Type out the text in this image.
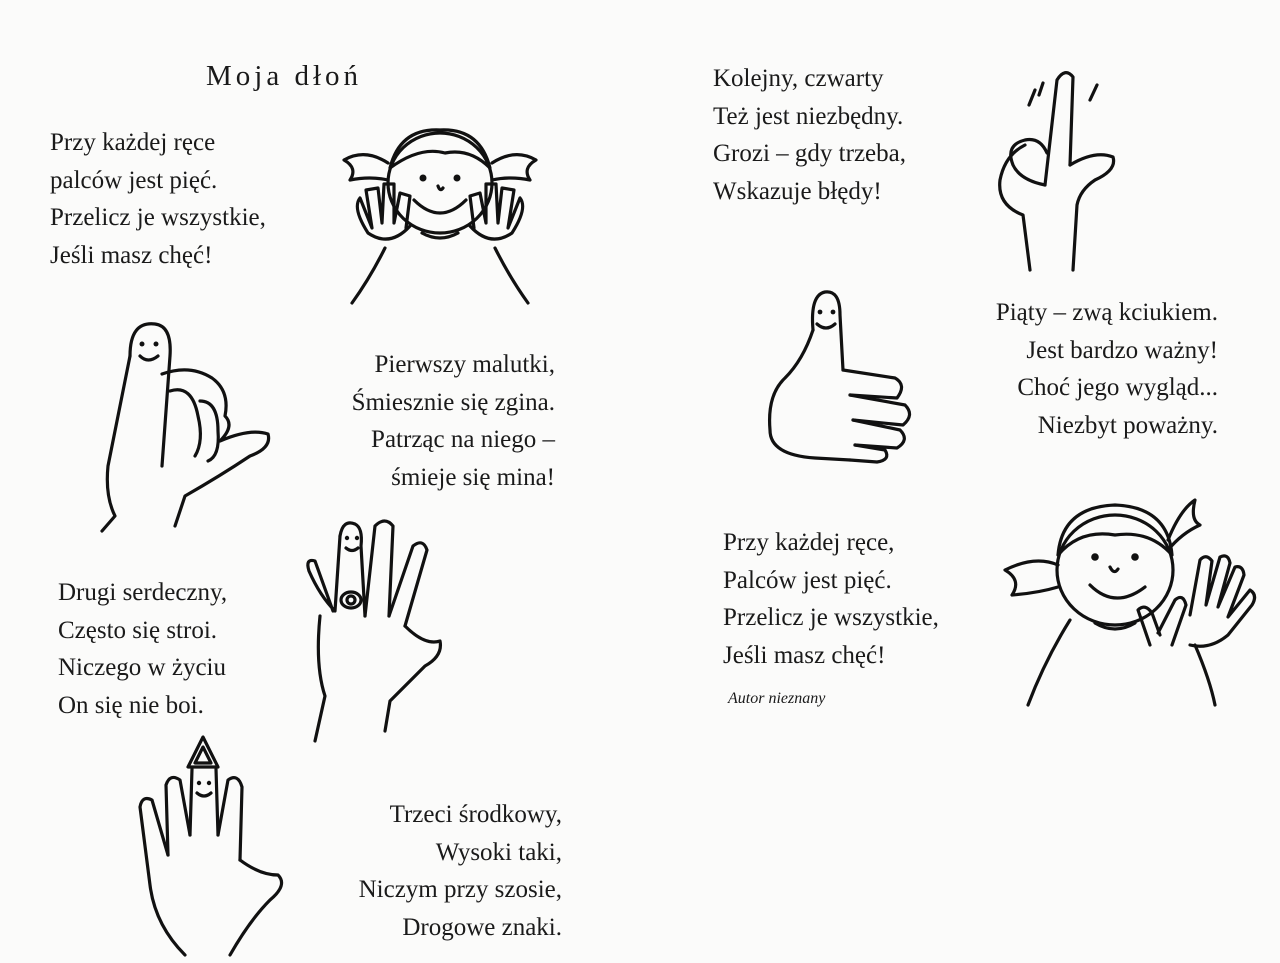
Moja dłoń
Przy każdej ręce
palców jest pięć.
Przelicz je wszystkie,
Jeśli masz chęć!
Pierwszy malutki,
Śmiesznie się zgina.
Patrząc na niego –
śmieje się mina!
Drugi serdeczny,
Często się stroi.
Niczego w życiu
On się nie boi.
Trzeci środkowy,
Wysoki taki,
Niczym przy szosie,
Drogowe znaki.
Kolejny, czwarty
Też jest niezbędny.
Grozi – gdy trzeba,
Wskazuje błędy!
Piąty – zwą kciukiem.
Jest bardzo ważny!
Choć jego wygląd...
Niezbyt poważny.
Przy każdej ręce,
Palców jest pięć.
Przelicz je wszystkie,
Jeśli masz chęć!
Autor nieznany
